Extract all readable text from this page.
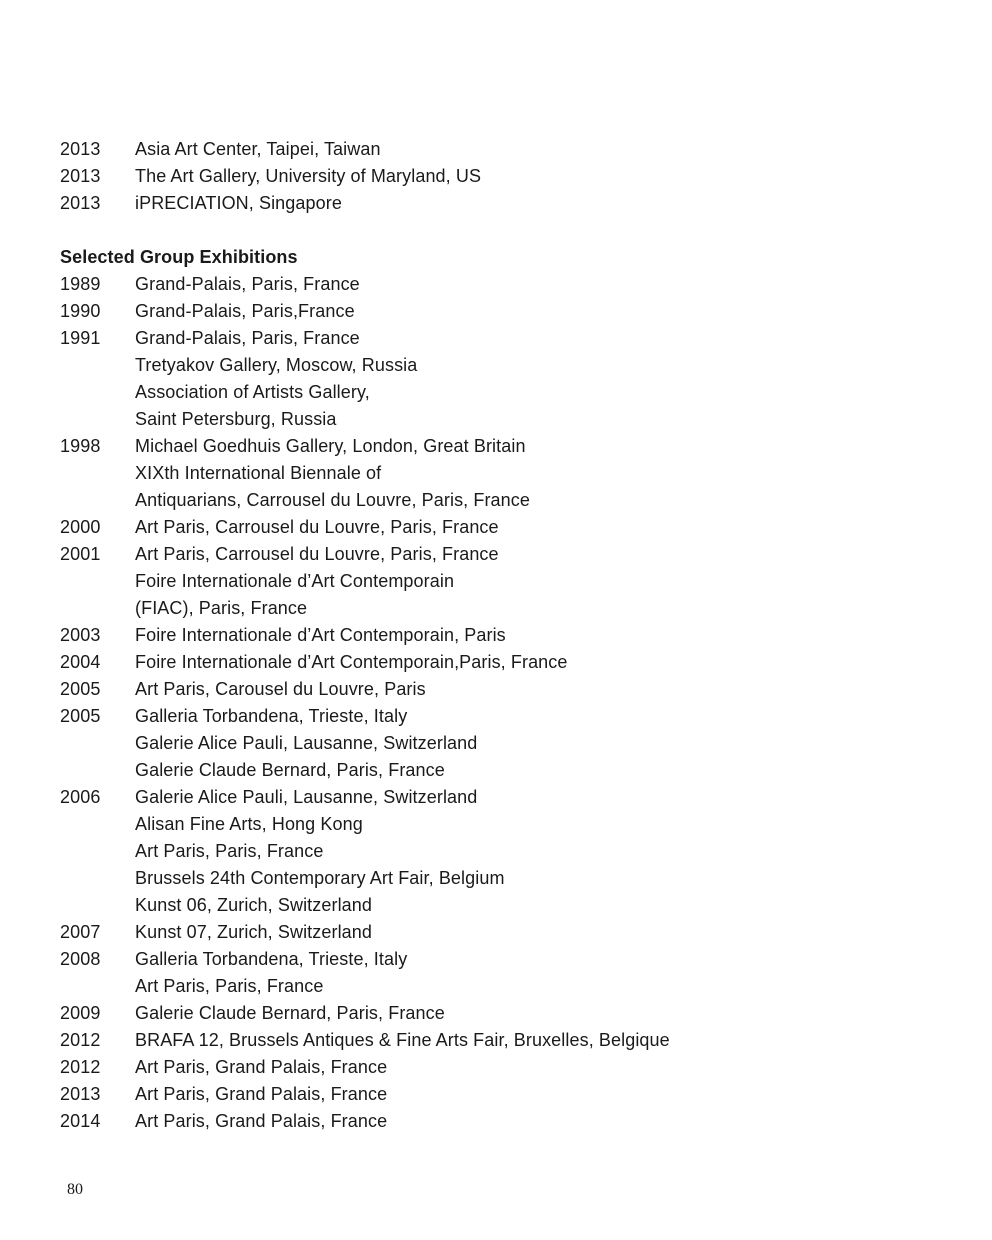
2013	Asia Art Center, Taipei, Taiwan
2013	The Art Gallery, University of Maryland, US
2013	iPRECIATION, Singapore
Selected Group Exhibitions
1989	Grand-Palais, Paris, France
1990	Grand-Palais, Paris,France
1991	Grand-Palais, Paris, France
Tretyakov Gallery, Moscow, Russia
Association of Artists Gallery,
Saint Petersburg, Russia
1998	Michael Goedhuis Gallery, London, Great Britain
XIXth International Biennale of
Antiquarians, Carrousel du Louvre, Paris, France
2000	Art Paris, Carrousel du Louvre, Paris, France
2001	Art Paris, Carrousel du Louvre, Paris, France
Foire Internationale d’Art Contemporain
(FIAC), Paris, France
2003	Foire Internationale d’Art Contemporain, Paris
2004	Foire Internationale d’Art Contemporain,Paris, France
2005	Art Paris, Carousel du Louvre, Paris
2005	Galleria Torbandena, Trieste, Italy
Galerie Alice Pauli, Lausanne, Switzerland
Galerie Claude Bernard, Paris, France
2006	Galerie Alice Pauli, Lausanne, Switzerland
Alisan Fine Arts, Hong Kong
Art Paris, Paris, France
Brussels 24th Contemporary Art Fair, Belgium
Kunst 06, Zurich, Switzerland
2007	Kunst 07, Zurich, Switzerland
2008	Galleria Torbandena, Trieste, Italy
Art Paris, Paris, France
2009	Galerie Claude Bernard, Paris, France
2012	BRAFA 12, Brussels Antiques & Fine Arts Fair, Bruxelles, Belgique
2012	Art Paris, Grand Palais, France
2013	Art Paris, Grand Palais, France
2014	Art Paris, Grand Palais, France
80
